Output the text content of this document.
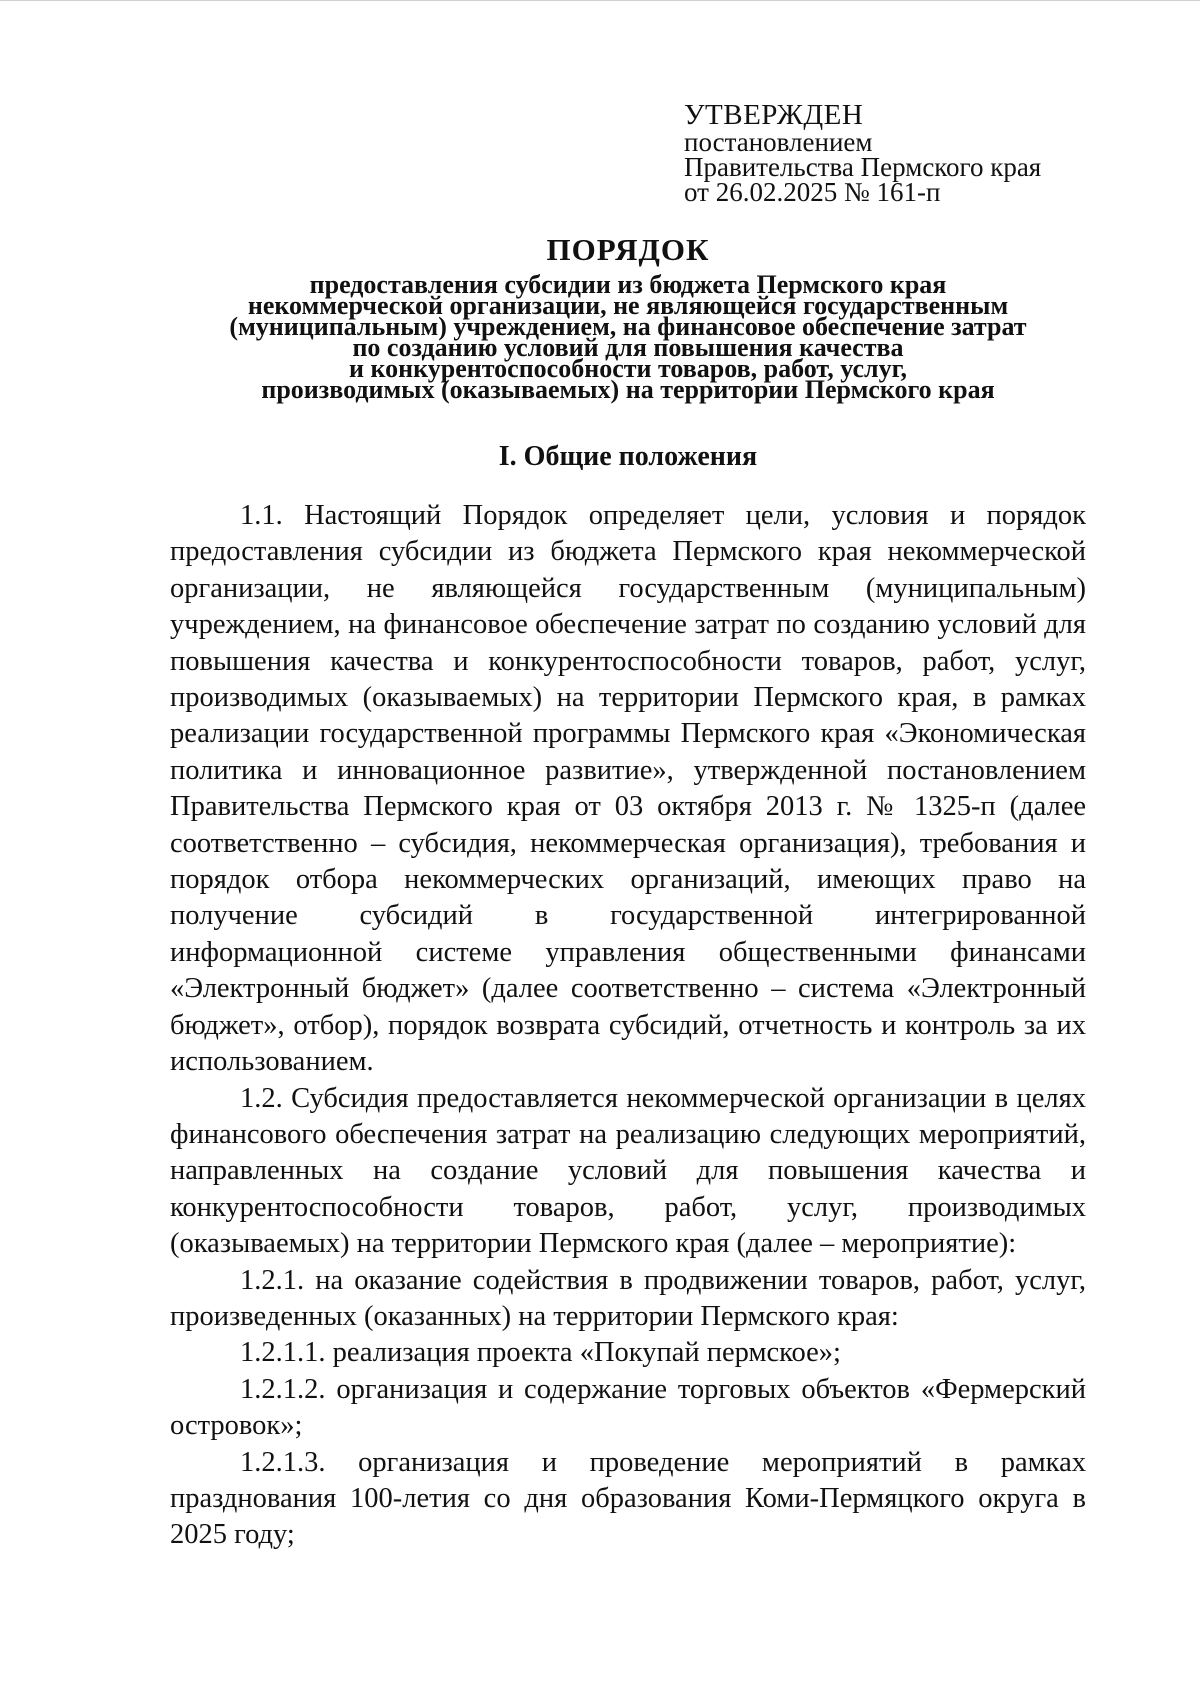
УТВЕРЖДЕН
постановлением
Правительства Пермского края
от 26.02.2025 № 161-п
ПОРЯДОК
предоставления субсидии из бюджета Пермского края
некоммерческой организации, не являющейся государственным
(муниципальным) учреждением, на финансовое обеспечение затрат
по созданию условий для повышения качества
и конкурентоспособности товаров, работ, услуг,
производимых (оказываемых) на территории Пермского края
I. Общие положения

1.1. Настоящий Порядок определяет цели, условия и порядок предоставления субсидии из бюджета Пермского края некоммерческой организации, не являющейся государственным (муниципальным) учреждением, на финансовое обеспечение затрат по созданию условий для повышения качества и конкурентоспособности товаров, работ, услуг, производимых (оказываемых) на территории Пермского края, в рамках реализации государственной программы Пермского края «Экономическая политика и инновационное развитие», утвержденной постановлением Правительства Пермского края от 03 октября 2013 г. № 1325-п (далее соответственно – субсидия, некоммерческая организация), требования и порядок отбора некоммерческих организаций, имеющих право на получение субсидий в государственной интегрированной информационной системе управления общественными финансами «Электронный бюджет» (далее соответственно – система «Электронный бюджет», отбор), порядок возврата субсидий, отчетность и контроль за их использованием.

1.2. Субсидия предоставляется некоммерческой организации в целях финансового обеспечения затрат на реализацию следующих мероприятий, направленных на создание условий для повышения качества и конкурентоспособности товаров, работ, услуг, производимых (оказываемых) на территории Пермского края (далее – мероприятие):

1.2.1. на оказание содействия в продвижении товаров, работ, услуг, произведенных (оказанных) на территории Пермского края:

1.2.1.1. реализация проекта «Покупай пермское»;

1.2.1.2. организация и содержание торговых объектов «Фермерский островок»;

1.2.1.3. организация и проведение мероприятий в рамках празднования 100-летия со дня образования Коми-Пермяцкого округа в 2025 году;
